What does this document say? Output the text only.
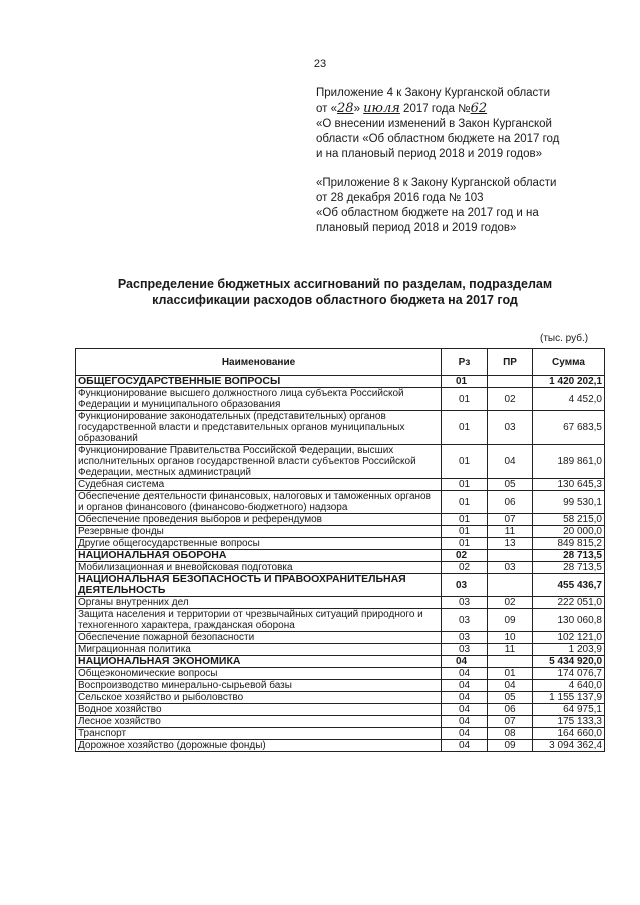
23
Приложение 4 к Закону Курганской области
от «28» июля 2017 года №62
«О внесении изменений в Закон Курганской
области «Об областном бюджете на 2017 год
и на плановый период 2018 и 2019 годов»
«Приложение 8 к Закону Курганской области
от 28 декабря 2016 года № 103
«Об областном бюджете на 2017 год и на
плановый период 2018 и 2019 годов»
Распределение бюджетных ассигнований по разделам, подразделам
классификации расходов областного бюджета на 2017 год
(тыс. руб.)
Наименование	Рз	ПР	Сумма
ОБЩЕГОСУДАРСТВЕННЫЕ ВОПРОСЫ	01		1 420 202,1
Функционирование высшего должностного лица субъекта Российской Федерации и муниципального образования	01	02	4 452,0
Функционирование законодательных (представительных) органов государственной власти и представительных органов муниципальных образований	01	03	67 683,5
Функционирование Правительства Российской Федерации, высших исполнительных органов государственной власти субъектов Российской Федерации, местных администраций	01	04	189 861,0
Судебная система	01	05	130 645,3
Обеспечение деятельности финансовых, налоговых и таможенных органов и органов финансового (финансово-бюджетного) надзора	01	06	99 530,1
Обеспечение проведения выборов и референдумов	01	07	58 215,0
Резервные фонды	01	11	20 000,0
Другие общегосударственные вопросы	01	13	849 815,2
НАЦИОНАЛЬНАЯ ОБОРОНА	02		28 713,5
Мобилизационная и вневойсковая подготовка	02	03	28 713,5
НАЦИОНАЛЬНАЯ БЕЗОПАСНОСТЬ И ПРАВООХРАНИТЕЛЬНАЯ ДЕЯТЕЛЬНОСТЬ	03		455 436,7
Органы внутренних дел	03	02	222 051,0
Защита населения и территории от чрезвычайных ситуаций природного и техногенного характера, гражданская оборона	03	09	130 060,8
Обеспечение пожарной безопасности	03	10	102 121,0
Миграционная политика	03	11	1 203,9
НАЦИОНАЛЬНАЯ ЭКОНОМИКА	04		5 434 920,0
Общеэкономические вопросы	04	01	174 076,7
Воспроизводство минерально-сырьевой базы	04	04	4 640,0
Сельское хозяйство и рыболовство	04	05	1 155 137,9
Водное хозяйство	04	06	64 975,1
Лесное хозяйство	04	07	175 133,3
Транспорт	04	08	164 660,0
Дорожное хозяйство (дорожные фонды)	04	09	3 094 362,4
